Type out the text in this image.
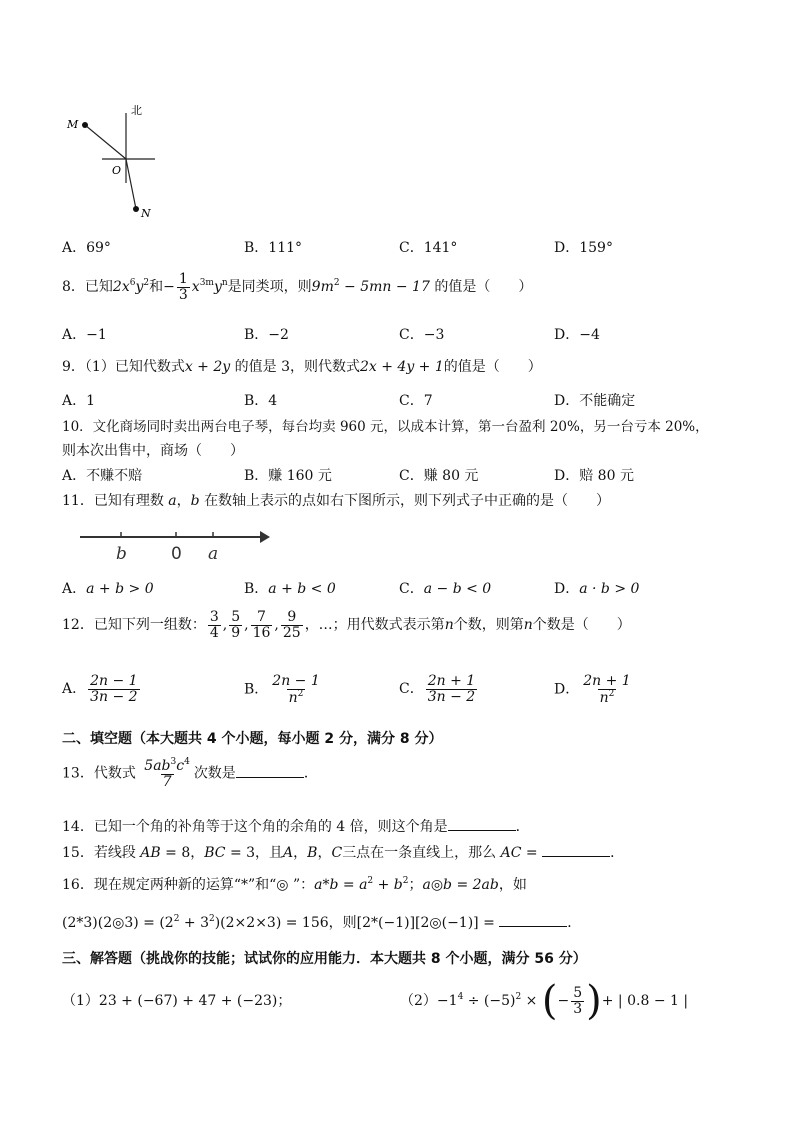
北
M
O
N
A．69°	B．111°	C．141°	D．159°
8．已知$2x^6y^2$和− $\frac{1}{3} x^{3m}y^n$是同类项，则$9m^2 - 5mn - 17$ 的值是（　　）
A．−1	B．−2	C．−3	D．−4
9．（1）已知代数式x + 2y 的值是 3，则代数式2x + 4y + 1的值是（　　）
A．1	B．4	C．7	D．不能确定
10．文化商场同时卖出两台电子琴，每台均卖 960 元，以成本计算，第一台盈利 20%，另一台亏本 20%，
则本次出售中，商场（　　）
A．不赚不赔	B．赚 160 元	C．赚 80 元	D．赔 80 元
11．已知有理数 a，b 在数轴上表示的点如右下图所示，则下列式子中正确的是（　　）
b	0 a
A．a + b > 0	B．a + b < 0	C．a − b < 0	D．a · b > 0
12．已知下列一组数： $\frac{3}{4}$ , $\frac{5}{9}$ , $\frac{7}{16}$ , $\frac{9}{25}$ ，…；用代数式表示第n个数，则第n个数是（　　）
A． $\frac{2n - 1}{3n - 2}$	B． $\frac{2n - 1}{n^2}$	C． $\frac{2n + 1}{3n - 2}$	D． $\frac{2n + 1}{n^2}$
二、填空题（本大题共 4 个小题，每小题 2 分，满分 8 分）
13．代数式 $\frac{5ab^3c^4}{7}$ 次数是	．
14．已知一个角的补角等于这个角的余角的 4 倍，则这个角是	．
15．若线段 AB = 8，BC = 3，且A，B，C三点在一条直线上，那么 AC =	．
16．现在规定两种新的运算“*”和“◎ ”：$a*b = a^2 + b^2$；a◎b = 2ab，如
(2*3)(2◎3) = $(2^2 + 3^2)(2\times 2\times 3) = 156$，则[2*(−1)][2◎(−1)] =	．
三、解答题（挑战你的技能；试试你的应用能力．本大题共 8 个小题，满分 56 分）
（1）23 + (−67) + 47 + (−23)；	$(2)-1^4 \div (-5)^2$ × (− $\frac{5}{3}$ )+ | 0.8 − 1 |
